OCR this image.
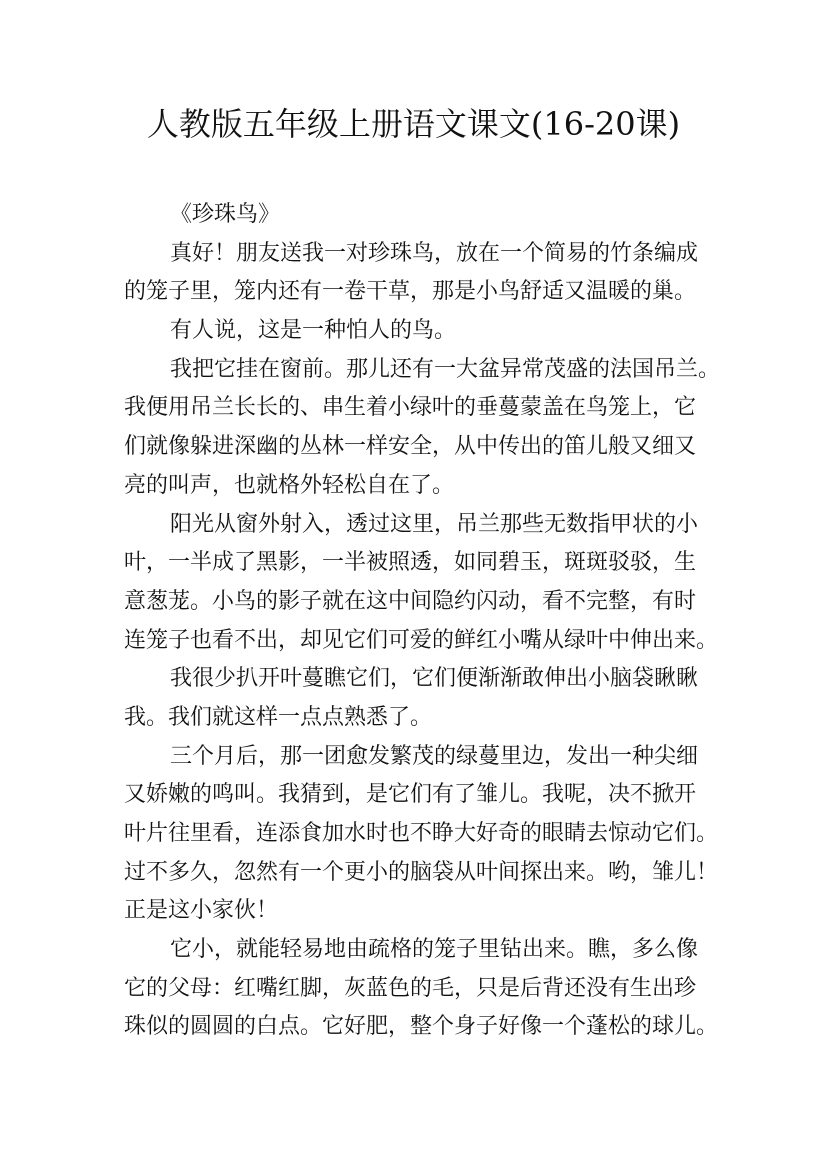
人教版五年级上册语文课文(16-20课)
《珍珠鸟》
真好！朋友送我一对珍珠鸟，放在一个简易的竹条编成
的笼子里，笼内还有一卷干草，那是小鸟舒适又温暖的巢。
有人说，这是一种怕人的鸟。
我把它挂在窗前。那儿还有一大盆异常茂盛的法国吊兰。
我便用吊兰长长的、串生着小绿叶的垂蔓蒙盖在鸟笼上，它
们就像躲进深幽的丛林一样安全，从中传出的笛儿般又细又
亮的叫声，也就格外轻松自在了。
阳光从窗外射入，透过这里，吊兰那些无数指甲状的小
叶，一半成了黑影，一半被照透，如同碧玉，斑斑驳驳，生
意葱茏。小鸟的影子就在这中间隐约闪动，看不完整，有时
连笼子也看不出，却见它们可爱的鲜红小嘴从绿叶中伸出来。
我很少扒开叶蔓瞧它们，它们便渐渐敢伸出小脑袋瞅瞅
我。我们就这样一点点熟悉了。
三个月后，那一团愈发繁茂的绿蔓里边，发出一种尖细
又娇嫩的鸣叫。我猜到，是它们有了雏儿。我呢，决不掀开
叶片往里看，连添食加水时也不睁大好奇的眼睛去惊动它们。
过不多久，忽然有一个更小的脑袋从叶间探出来。哟，雏儿！
正是这小家伙！
它小，就能轻易地由疏格的笼子里钻出来。瞧，多么像
它的父母：红嘴红脚，灰蓝色的毛，只是后背还没有生出珍
珠似的圆圆的白点。它好肥，整个身子好像一个蓬松的球儿。
